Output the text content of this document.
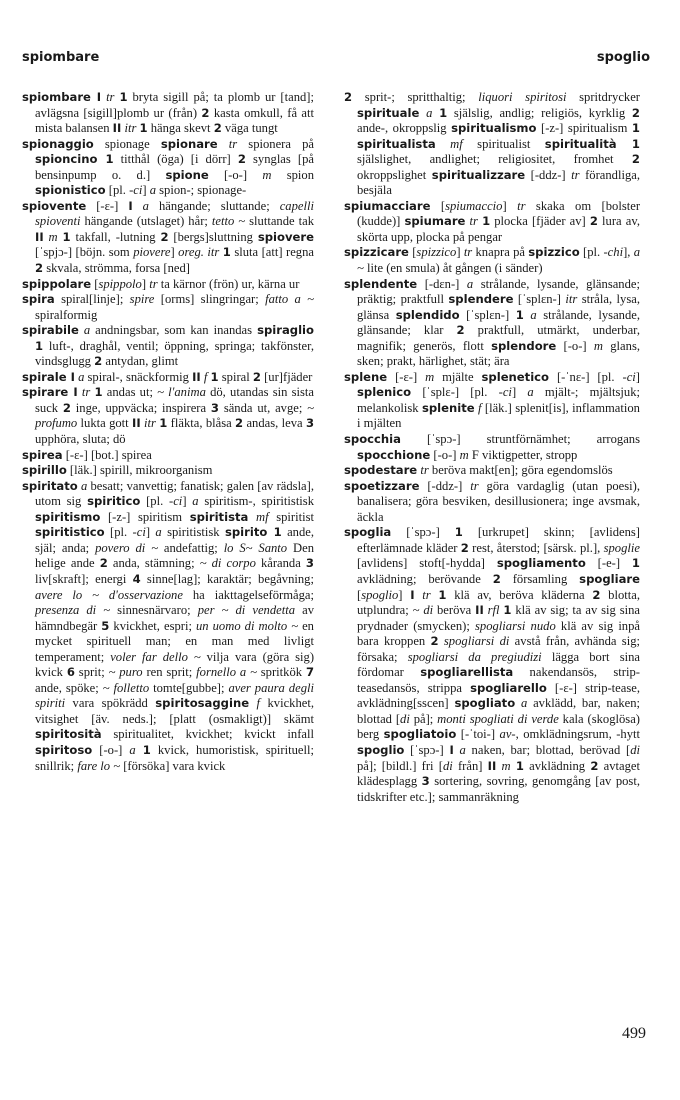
spiombare	spoglio

spiombare I tr 1 bryta sigill på; ta plomb ur [tand]; avlägsna [sigill]plomb ur (från) 2 kasta omkull, få att mista balansen II itr 1 hänga skevt 2 väga tungt

spionaggio spionage spionare tr spionera på spioncino 1 titthål (öga) [i dörr] 2 synglas [på bensinpump o. d.] spione [-o-] m spion spionistico [pl. -ci] a spion-; spionage-

spiovente [-ɛ-] I a hängande; sluttande; capelli spioventi hängande (utslaget) hår; tetto ~ sluttande tak II m 1 takfall, -lutning 2 [bergs]sluttning spiovere [ˈspjɔ-] [böjn. som piovere] oreg. itr 1 sluta [att] regna 2 skvala, strömma, forsa [ned]

spippolare [spippolo] tr ta kärnor (frön) ur, kärna ur

spira spiral[linje]; spire [orms] slingringar; fatto a ~ spiralformig

spirabile a andningsbar, som kan inandas spiraglio 1 luft-, draghål, ventil; öppning, springa; takfönster, vindsglugg 2 antydan, glimt

spirale I a spiral-, snäckformig II f 1 spiral 2 [ur]fjäder

spirare I tr 1 andas ut; ~ l'anima dö, utandas sin sista suck 2 inge, uppväcka; inspirera 3 sända ut, avge; ~ profumo lukta gott II itr 1 fläkta, blåsa 2 andas, leva 3 upphöra, sluta; dö

spirea [-ɛ-] [bot.] spirea

spirillo [läk.] spirill, mikroorganism

spiritato a besatt; vanvettig; fanatisk; galen [av rädsla], utom sig spiritico [pl. -ci] a spiritism-, spiritistisk spiritismo [-z-] spiritism spiritista mf spiritist spiritistico [pl. -ci] a spiritistisk spirito 1 ande, själ; anda; povero di ~ andefattig; lo S~ Santo Den helige ande 2 anda, stämning; ~ di corpo kåranda 3 liv[skraft]; energi 4 sinne[lag]; karaktär; begåvning; avere lo ~ d'osservazione ha iakttagelseförmåga; presenza di ~ sinnesnärvaro; per ~ di vendetta av hämndbegär 5 kvickhet, espri; un uomo di molto ~ en mycket spirituell man; en man med livligt temperament; voler far dello ~ vilja vara (göra sig) kvick 6 sprit; ~ puro ren sprit; fornello a ~ spritkök 7 ande, spöke; ~ folletto tomte[gubbe]; aver paura degli spiriti vara spökrädd spiritosaggine f kvickhet, vitsighet [äv. neds.]; [platt (osmakligt)] skämt spiritosità spiritualitet, kvickhet; kvickt infall spiritoso [-o-] a 1 kvick, humoristisk, spirituell; snillrik; fare lo ~ [försöka] vara kvick

2 sprit-; spritthaltig; liquori spiritosi spritdrycker spirituale a 1 själslig, andlig; religiös, kyrklig 2 ande-, okroppslig spiritualismo [-z-] spiritualism 1 spiritualista mf spiritualist spiritualità 1 själslighet, andlighet; religiositet, fromhet 2 okroppslighet spiritualizzare [-ddz-] tr förandliga, besjäla

spiumacciare [spiumaccio] tr skaka om [bolster (kudde)] spiumare tr 1 plocka [fjäder av] 2 lura av, skörta upp, plocka på pengar

spizzicare [spizzico] tr knapra på spizzico [pl. -chi], a ~ lite (en smula) åt gången (i sänder)

splendente [-dɛn-] a strålande, lysande, glänsande; präktig; praktfull splendere [ˈsplɛn-] itr stråla, lysa, glänsa splendido [ˈsplɛn-] 1 a strålande, lysande, glänsande; klar 2 praktfull, utmärkt, underbar, magnifik; generös, flott splendore [-o-] m glans, sken; prakt, härlighet, stät; ära

splene [-ɛ-] m mjälte spleneticо [-ˈnɛ-] [pl. -ci] splenico [ˈsplɛ-] [pl. -ci] a mjält-; mjältsjuk; melankolisk splenite f [läk.] splenit[is], inflammation i mjälten

spocchia [ˈspɔ-] struntförnämhet; arrogans spocchione [-o-] m F viktigpetter, stropp

spodestare tr beröva makt[en]; göra egendomslös

spoetizzare [-ddz-] tr göra vardaglig (utan poesi), banalisera; göra besviken, desillusionera; inge avsmak, äckla

spoglia [ˈspɔ-] 1 [urkrupet] skinn; [avlidens] efterlämnade kläder 2 rest, återstod; [särsk. pl.], spoglie [avlidens] stoft[-hydda] spogliamento [-e-] 1 avklädning; berövande 2 församling spogliare [spoglio] I tr 1 klä av, beröva kläderna 2 blotta, utplundra; ~ di beröva II rfl 1 klä av sig; ta av sig sina prydnader (smycken); spogliarsi nudo klä av sig inpå bara kroppen 2 spogliarsi di avstå från, avhända sig; försaka; spogliarsi da pregiudizi lägga bort sina fördomar spogliarellista nakendansös, strip-teasedansös, strippa spogliarello [-ɛ-] strip-tease, avklädning[sscen] spogliato a avklädd, bar, naken; blottad [di på]; monti spogliati di verde kala (skoglösa) berg spogliatoio [-ˈtoi-] av-, omklädningsrum, -hytt spoglio [ˈspɔ-] I a naken, bar; blottad, berövad [di på]; [bildl.] fri [di från] II m 1 avklädning 2 avtaget klädesplagg 3 sortering, sovring, genomgång [av post, tidskrifter etc.]; sammanräkning

499
